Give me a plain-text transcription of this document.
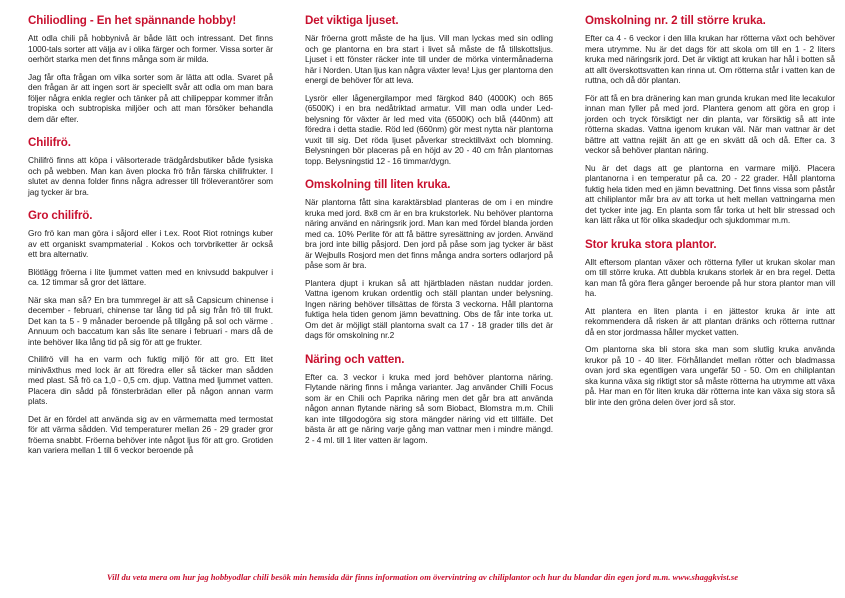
Chiliodling - En het spännande hobby!

Att odla chili på hobbynivå är både lätt och intressant. Det finns 1000-tals sorter att välja av i olika färger och former. Vissa sorter är oerhört starka men det finns många som är milda.

Jag får ofta frågan om vilka sorter som är lätta att odla. Svaret på den frågan är att ingen sort är speciellt svår att odla om man bara följer några enkla regler och tänker på att chilipeppar kommer ifrån tropiska och subtropiska miljöer och att man försöker behandla dem där efter.

Chilifrö.

Chilifrö finns att köpa i välsorterade trädgårdsbutiker både fysiska och på webben. Man kan även plocka frö från färska chilifrukter. I slutet av denna folder finns några adresser till fröleverantörer som jag tycker är bra.

Gro chilifrö.

Gro frö kan man göra i såjord eller i t.ex. Root Riot rotnings kuber av ett organiskt svampmaterial . Kokos och torvbriketter är också ett bra alternativ.

Blötlägg fröerna i lite ljummet vatten med en knivsudd bakpulver i ca. 12 timmar så gror det lättare.

När ska man så? En bra tummregel är att så Capsicum chinense i december - februari, chinense tar lång tid på sig från frö till frukt. Det kan ta 5 - 9 månader beroende på tillgång på sol och värme . Annuum och baccatum kan sås lite senare i februari - mars då de inte behöver lika lång tid på sig för att ge frukter.

Chilifrö vill ha en varm och fuktig miljö för att gro. Ett litet minivãxthus med lock är att föredra eller så täcker man sådden med plast. Så frö ca 1,0 - 0,5 cm. djup. Vattna med ljummet vatten. Placera din sådd på fönsterbrädan eller på någon annan varm plats.

Det är en fördel att använda sig av en värmematta med termostat för att värma sådden. Vid temperaturer mellan 26 - 29 grader gror fröerna snabbt. Fröerna behöver inte något ljus för att gro. Grotiden kan variera mellan 1 till 6 veckor beroende på

Det viktiga ljuset.

När fröerna grott måste de ha ljus. Vill man lyckas med sin odling och ge plantorna en bra start i livet så måste de få tillskottsljus. Ljuset i ett fönster räcker inte till under de mörka vintermånaderna här i Norden. Utan ljus kan några växter leva! Ljus ger plantorna den energi de behöver för att leva.

Lysrör eller lågenergilampor med färgkod 840 (4000K) och 865 (6500K) i en bra nedåtriktad armatur. Vill man odla under Led-belysning för växter är led med vita (6500K) och blå (440nm) att föredra i detta stadie. Röd led (660nm) gör mest nytta när plantorna vuxit till sig. Det röda ljuset påverkar strecktillväxt och blomning. Belysningen bör placeras på en höjd av 20 - 40 cm från plantornas topp. Belysningstid 12 - 16 timmar/dygn.

Omskolning till liten kruka.

När plantorna fått sina karaktärsblad planteras de om i en mindre kruka med jord. 8x8 cm är en bra krukstorlek. Nu behöver plantorna näring använd en näringsrik jord. Man kan med fördel blanda jorden med ca. 10% Perlite för att få bättre syresättning av jorden. Använd bra jord inte billig påsjord. Den jord på påse som jag tycker är bäst är Wejbulls Rosjord men det finns många andra sorters odlarjord på påse som är bra.

Plantera djupt i krukan så att hjärtbladen nästan nuddar jorden. Vattna igenom krukan ordentlig och ställ plantan under belysning. Ingen näring behöver tillsättas de första 3 veckorna. Håll plantorna fuktiga hela tiden genom jämn bevattning. Obs de får inte torka ut. Om det är möjligt ställ plantorna svalt ca 17 - 18 grader tills det är dags för omskolning nr.2

Näring och vatten.

Efter ca. 3 veckor i kruka med jord behöver plantorna näring. Flytande näring finns i många varianter. Jag använder Chilli Focus som är en Chili och Paprika näring men det går bra att använda någon annan flytande näring så som Biobact, Blomstra m.m. Chili kan inte tillgodogöra sig stora mängder näring vid ett tillfälle. Det bästa är att ge näring varje gång man vattnar men i mindre mängd. 2 - 4 ml. till 1 liter vatten är lagom.

Omskolning nr. 2 till större kruka.

Efter ca 4 - 6 veckor i den lilla krukan har rötterna växt och behöver mera utrymme. Nu är det dags för att skola om till en 1 - 2 liters kruka med näringsrik jord. Det är viktigt att krukan har hål i botten så att allt överskottsvatten kan rinna ut. Om rötterna står i vatten kan de ruttna, och då dör plantan.

För att få en bra dränering kan man grunda krukan med lite lecakulor innan man fyller på med jord. Plantera genom att göra en grop i jorden och tryck försiktigt ner din planta, var försiktig så att inte rötterna skadas. Vattna igenom krukan väl. När man vattnar är det bättre att vattna rejält än att ge en skvätt då och då. Efter ca. 3 veckor så behöver plantan näring.

Nu är det dags att ge plantorna en varmare miljö. Placera plantanorna i en temperatur på ca. 20 - 22 grader. Håll plantorna fuktig hela tiden med en jämn bevattning. Det finns vissa som påstår att chiliplantor mår bra av att torka ut helt mellan vattningarna men det tycker inte jag. En planta som får torka ut helt blir stressad och kan lätt råka ut för olika skadedjur och sjukdommar m.m.

Stor kruka stora plantor.

Allt eftersom plantan växer och rötterna fyller ut krukan skolar man om till större kruka. Att dubbla krukans storlek är en bra regel. Detta kan man få göra flera gånger beroende på hur stora plantor man vill ha.

Att plantera en liten planta i en jättestor kruka är inte att rekommendera då risken är att plantan dränks och rötterna ruttnar då en stor jordmassa håller mycket vatten.

Om plantorna ska bli stora ska man som slutlig kruka använda krukor på 10 - 40 liter. Förhållandet mellan rötter och bladmassa ovan jord ska egentligen vara ungefär 50 - 50. Om en chiliplantan ska kunna växa sig riktigt stor så måste rötterna ha utrymme att växa på. Har man en för liten kruka där rötterna inte kan växa sig stora så blir inte den gröna delen över jord så stor.

Vill du veta mera om hur jag hobbyodlar chili besök min hemsida där finns information om övervintring av chiliplantor och hur du blandar din egen jord m.m. www.shaggkvist.se
